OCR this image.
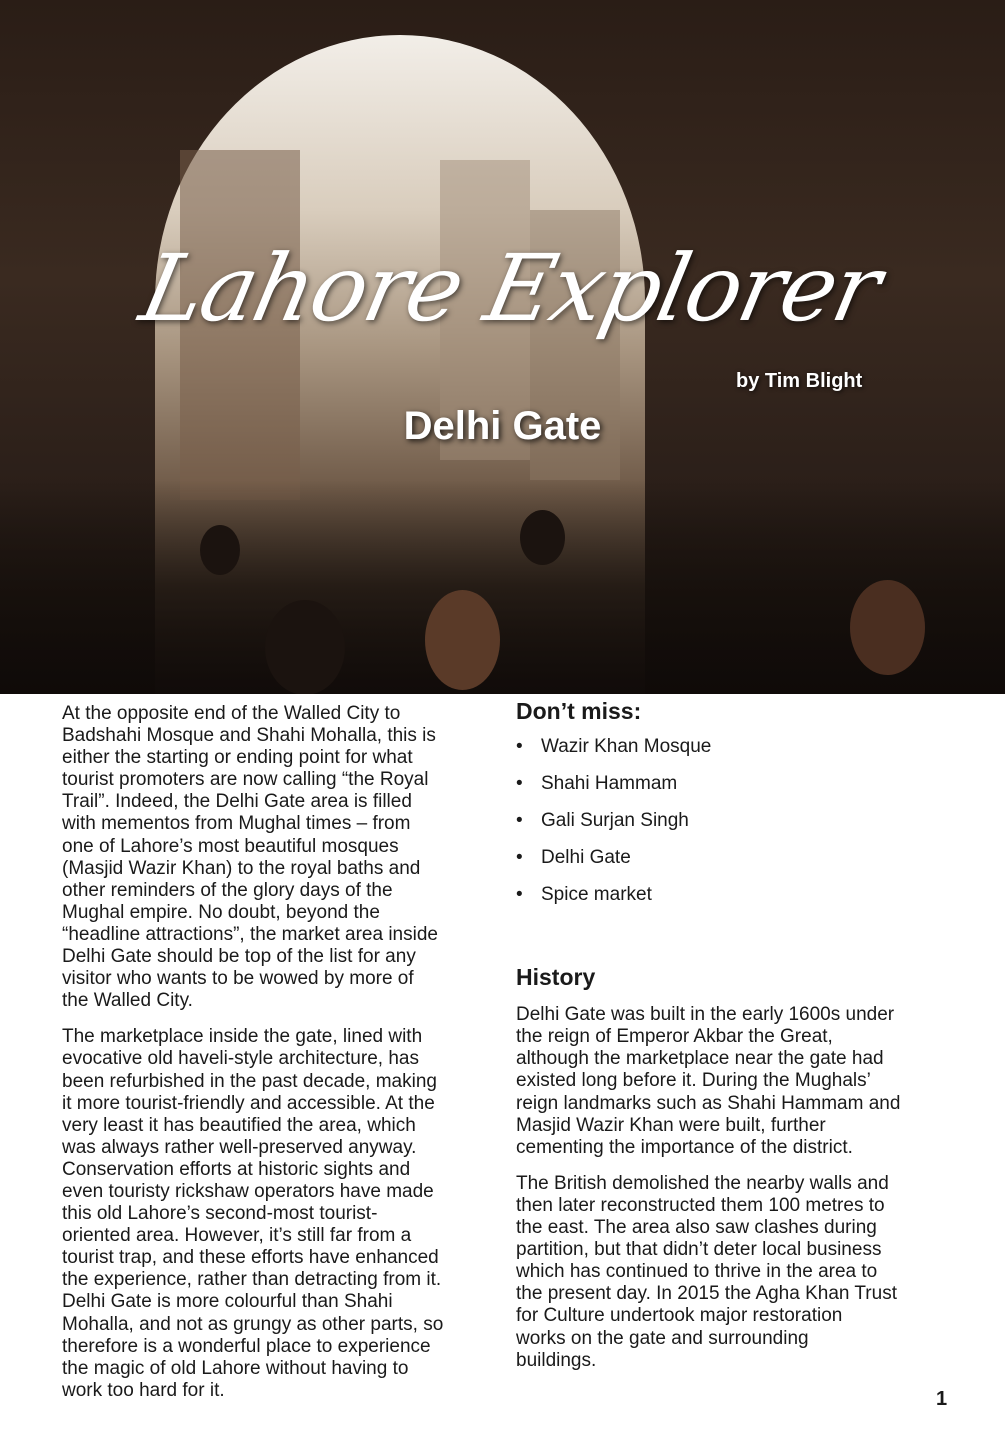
Lahore Explorer
by Tim Blight
Delhi Gate

At the opposite end of the Walled City to
Badshahi Mosque and Shahi Mohalla, this is
either the starting or ending point for what
tourist promoters are now calling “the Royal
Trail”. Indeed, the Delhi Gate area is filled
with mementos from Mughal times – from
one of Lahore’s most beautiful mosques
(Masjid Wazir Khan) to the royal baths and
other reminders of the glory days of the
Mughal empire. No doubt, beyond the
“headline attractions”, the market area inside
Delhi Gate should be top of the list for any
visitor who wants to be wowed by more of
the Walled City.

The marketplace inside the gate, lined with
evocative old haveli-style architecture, has
been refurbished in the past decade, making
it more tourist-friendly and accessible. At the
very least it has beautified the area, which
was always rather well-preserved anyway.
Conservation efforts at historic sights and
even touristy rickshaw operators have made
this old Lahore’s second-most tourist-
oriented area. However, it’s still far from a
tourist trap, and these efforts have enhanced
the experience, rather than detracting from it.
Delhi Gate is more colourful than Shahi
Mohalla, and not as grungy as other parts, so
therefore is a wonderful place to experience
the magic of old Lahore without having to
work too hard for it.

Don’t miss:
• Wazir Khan Mosque
• Shahi Hammam
• Gali Surjan Singh
• Delhi Gate
• Spice market
History

Delhi Gate was built in the early 1600s under
the reign of Emperor Akbar the Great,
although the marketplace near the gate had
existed long before it. During the Mughals’
reign landmarks such as Shahi Hammam and
Masjid Wazir Khan were built, further
cementing the importance of the district.

The British demolished the nearby walls and
then later reconstructed them 100 metres to
the east. The area also saw clashes during
partition, but that didn’t deter local business
which has continued to thrive in the area to
the present day. In 2015 the Agha Khan Trust
for Culture undertook major restoration
works on the gate and surrounding
buildings.

1
